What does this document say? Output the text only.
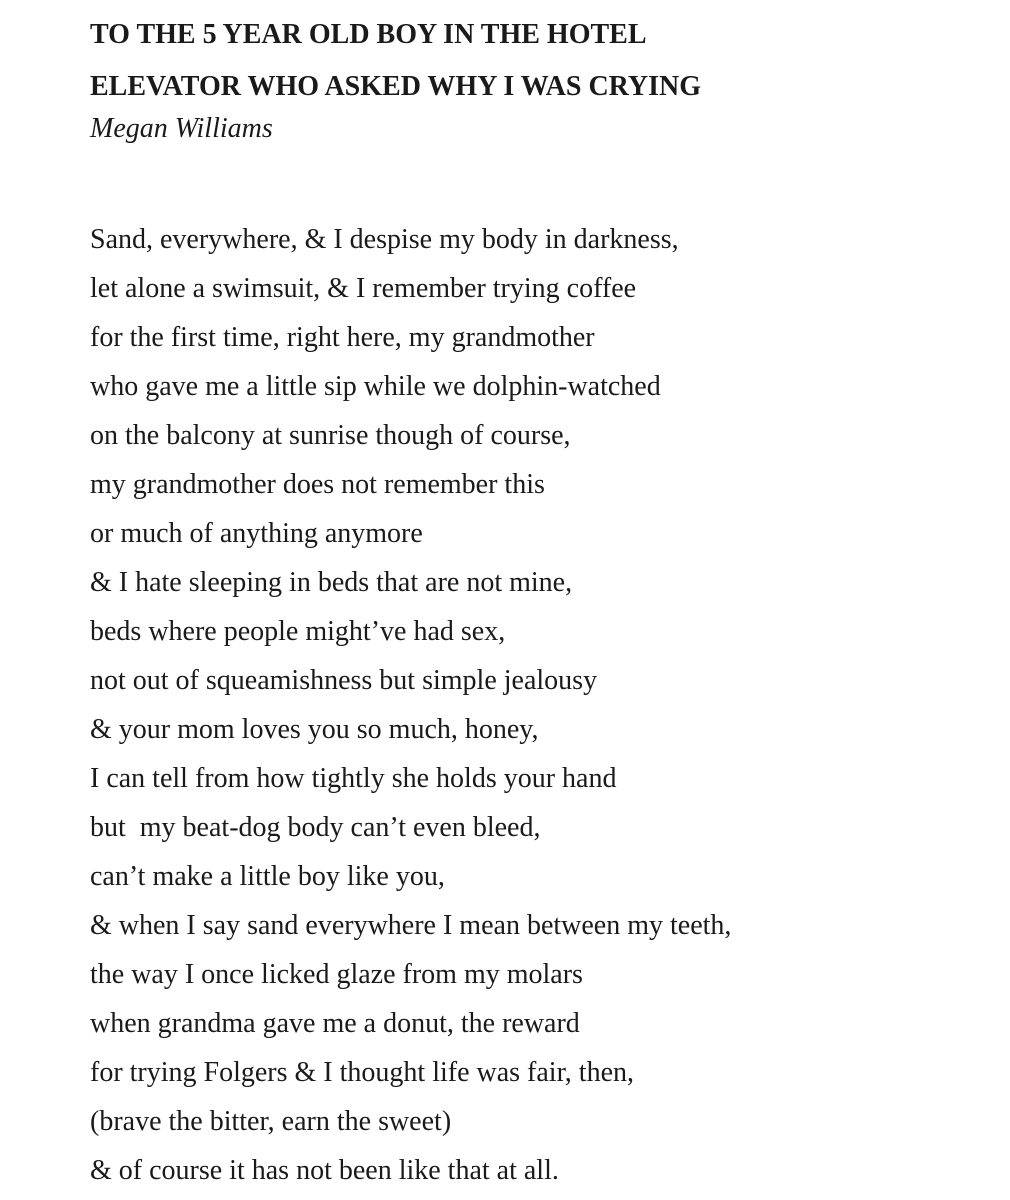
TO THE 5 YEAR OLD BOY IN THE HOTEL
ELEVATOR WHO ASKED WHY I WAS CRYING
Megan Williams
Sand, everywhere, & I despise my body in darkness,
let alone a swimsuit, & I remember trying coffee
for the first time, right here, my grandmother
who gave me a little sip while we dolphin-watched
on the balcony at sunrise though of course,
my grandmother does not remember this
or much of anything anymore
& I hate sleeping in beds that are not mine,
beds where people might’ve had sex,
not out of squeamishness but simple jealousy
& your mom loves you so much, honey,
I can tell from how tightly she holds your hand
but  my beat-dog body can’t even bleed,
can’t make a little boy like you,
& when I say sand everywhere I mean between my teeth,
the way I once licked glaze from my molars
when grandma gave me a donut, the reward
for trying Folgers & I thought life was fair, then,
(brave the bitter, earn the sweet)
& of course it has not been like that at all.
